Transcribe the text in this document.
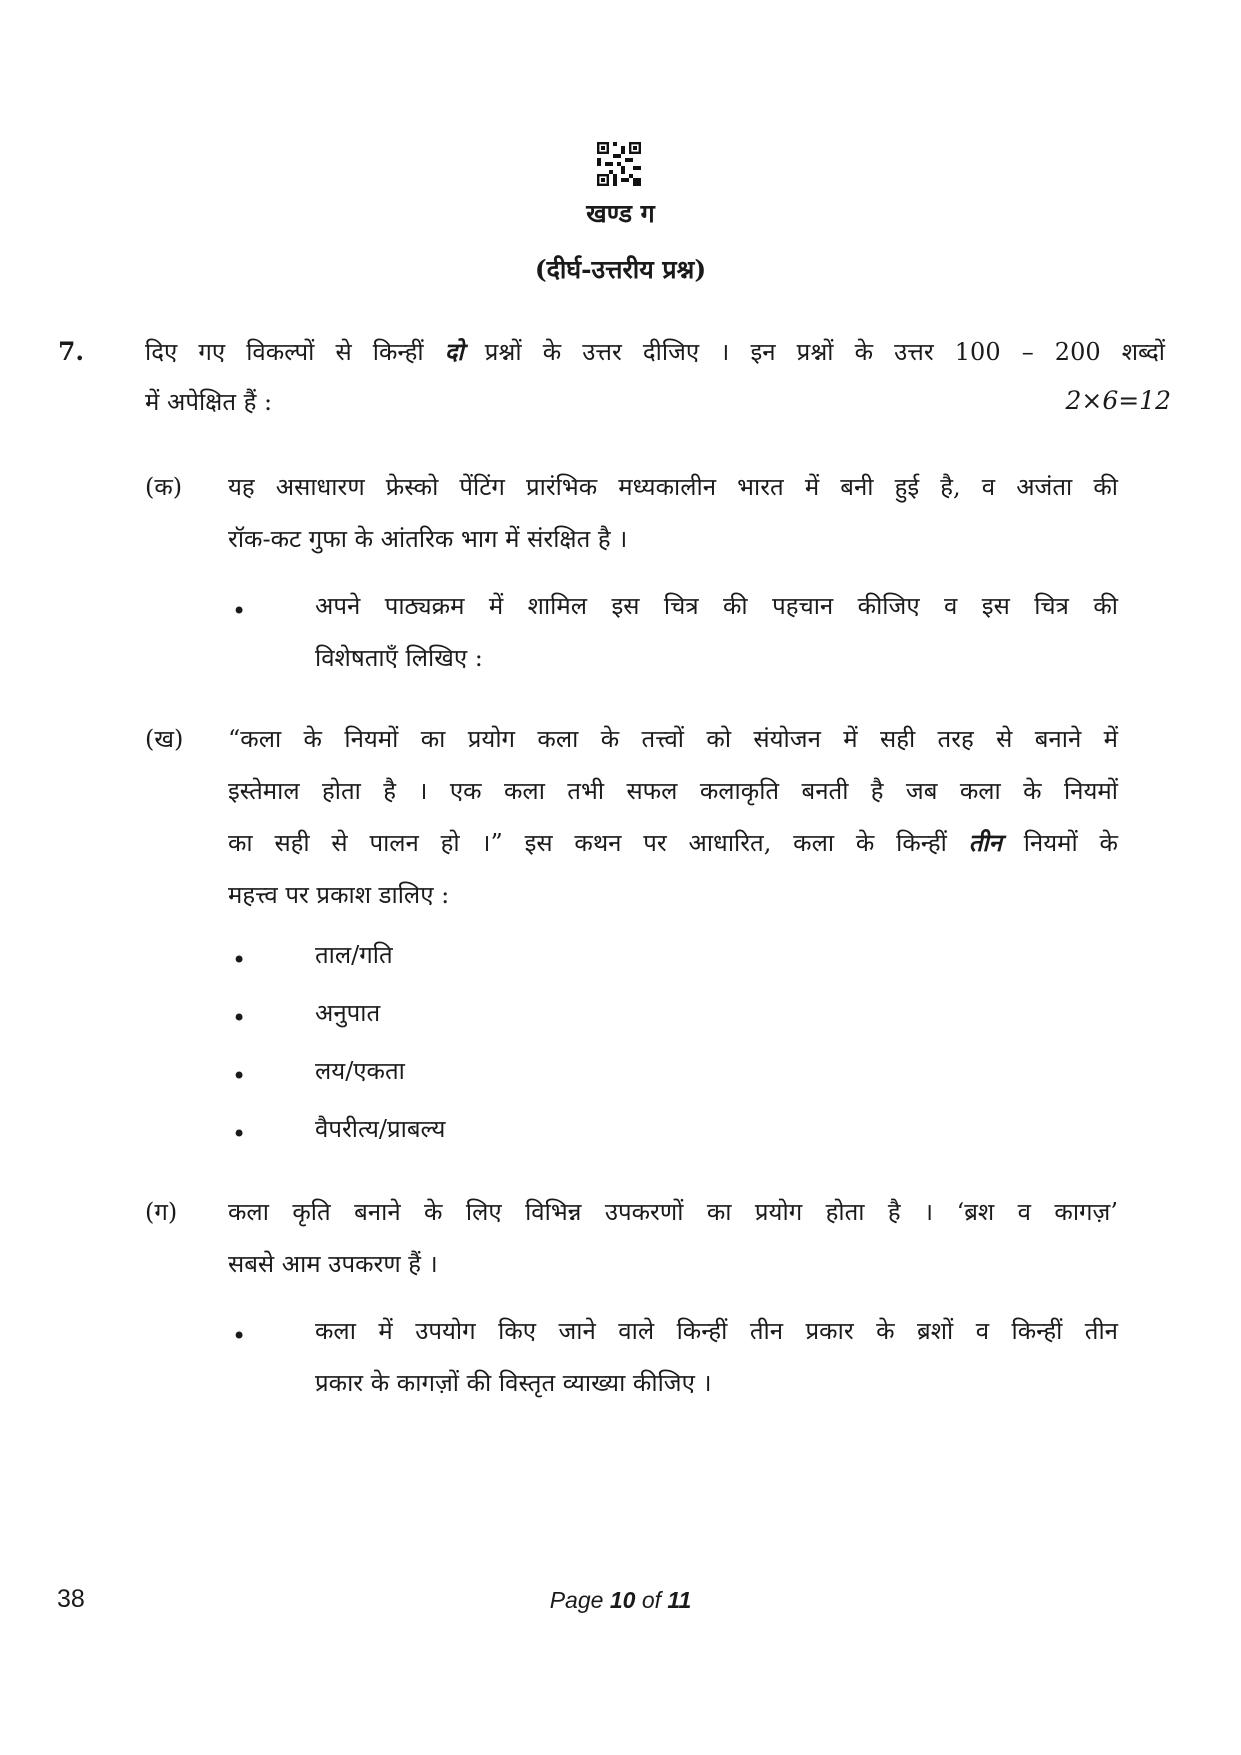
खण्ड ग
(दीर्घ-उत्तरीय प्रश्न)
7.	दिए गए विकल्पों से किन्हीं दो प्रश्नों के उत्तर दीजिए । इन प्रश्नों के उत्तर 100 – 200 शब्दों
में अपेक्षित हैं :	2×6=12
(क) यह असाधारण फ्रेस्को पेंटिंग प्रारंभिक मध्यकालीन भारत में बनी हुई है, व अजंता की
रॉक-कट गुफा के आंतरिक भाग में संरक्षित है ।
•	अपने पाठ्यक्रम में शामिल इस चित्र की पहचान कीजिए व इस चित्र की
विशेषताएँ लिखिए :
(ख) “कला के नियमों का प्रयोग कला के तत्त्वों को संयोजन में सही तरह से बनाने में
इस्तेमाल होता है । एक कला तभी सफल कलाकृति बनती है जब कला के नियमों
का सही से पालन हो ।” इस कथन पर आधारित, कला के किन्हीं तीन नियमों के
महत्त्व पर प्रकाश डालिए :
•	ताल/गति
•	अनुपात
•	लय/एकता
•	वैपरीत्य/प्राबल्य
(ग) कला कृति बनाने के लिए विभिन्न उपकरणों का प्रयोग होता है । ‘ब्रश व कागज़’
सबसे आम उपकरण हैं ।
•	कला में उपयोग किए जाने वाले किन्हीं तीन प्रकार के ब्रशों व किन्हीं तीन
प्रकार के कागज़ों की विस्तृत व्याख्या कीजिए ।
38	Page 10 of 11
